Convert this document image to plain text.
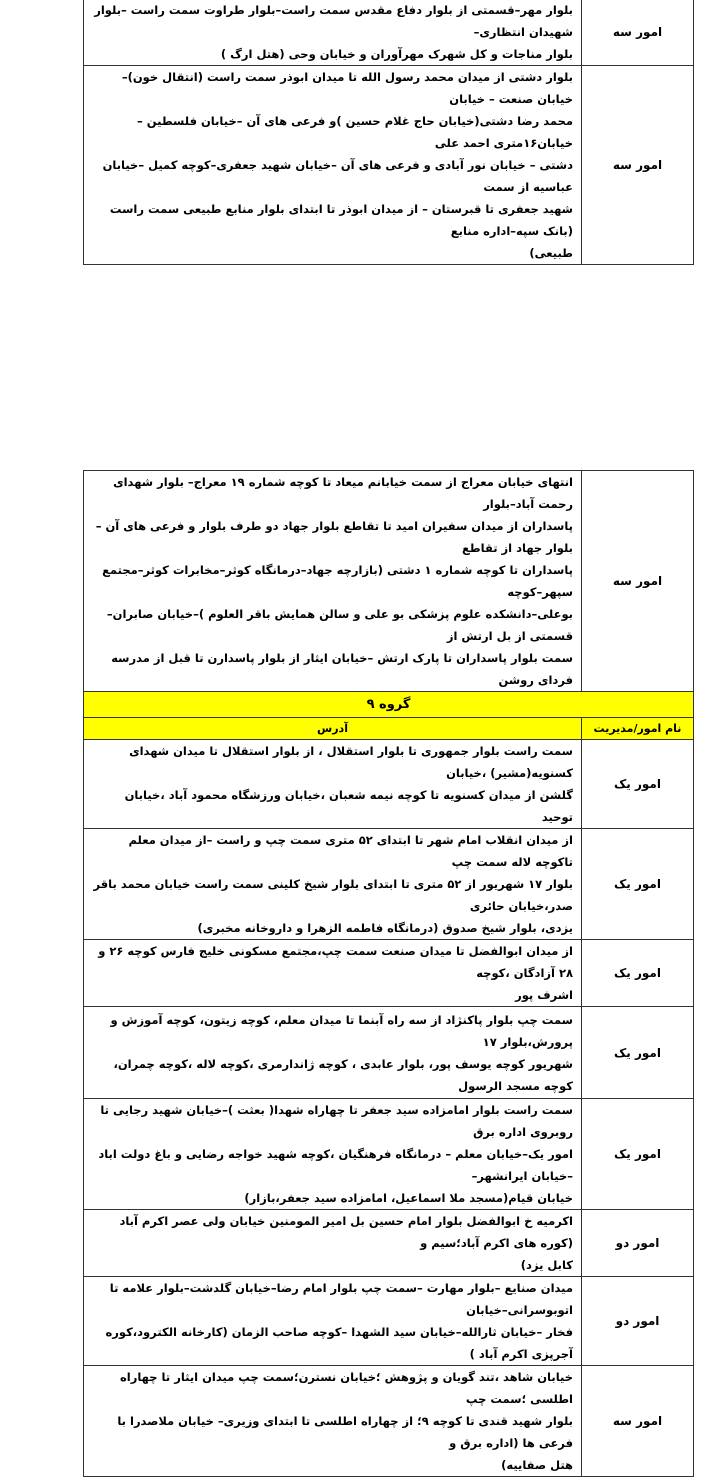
امور سه	بلوار مهر–قسمتی از بلوار دفاع مقدس سمت راست–بلوار طراوت سمت راست –بلوار شهیدان انتظاری–
بلوار مناجات و کل شهرک مهرآوران و خیابان وحی (هتل ارگ )

امور سه	بلوار دشتی از میدان محمد رسول الله تا میدان ابوذر سمت راست (انتقال خون)– خیابان صنعت – خیابان
محمد رضا دشتی(خیابان حاج غلام حسین )و فرعی های آن –خیابان فلسطین –خیابان۱۶متری احمد علی
دشتی – خیابان نور آبادی و فرعی های آن –خیابان شهید جعفری–کوچه کمیل –خیابان عباسیه از سمت
شهید جعفری تا قبرستان – از میدان ابوذر تا ابتدای بلوار منابع طبیعی سمت راست (بانک سپه–اداره منابع
طبیعی)
امور سه	انتهای خیابان معراج از سمت خیابانم میعاد تا کوچه شماره ۱۹ معراج– بلوار شهدای رحمت آباد–بلوار
پاسداران از میدان سفیران امید تا تقاطع بلوار جهاد دو طرف بلوار و فرعی های آن – بلوار جهاد از تقاطع
پاسداران تا کوچه شماره ۱ دشتی (بازارچه جهاد–درمانگاه کوثر–مخابرات کوثر–مجتمع سپهر–کوچه
بوعلی–دانشکده علوم پزشکی بو علی و سالن همایش باقر العلوم )–خیابان صابران–قسمتی از بل ارتش از
سمت بلوار پاسداران تا پارک ارتش –خیابان ایثار از بلوار پاسدارن تا قبل از مدرسه فردای روشن

گروه ۹	
نام امور/مدیریت	آدرس
امور یک	سمت راست بلوار جمهوری تا بلوار استقلال ، از بلوار استقلال تا میدان شهدای کسنویه(مشیر) ،خیابان
گلشن از میدان کسنویه تا کوچه نیمه شعبان ،خیابان ورزشگاه محمود آباد ،خیابان توحید

امور یک	از میدان انقلاب امام شهر تا ابتدای ۵۲ متری سمت چپ و راست –از میدان معلم تاکوچه لاله سمت چپ
بلوار ۱۷ شهریور از ۵۲ متری تا ابتدای بلوار شیخ کلینی سمت راست خیابان محمد باقر صدر،خیابان حائری
یزدی، بلوار شیخ صدوق (درمانگاه فاطمه الزهرا و داروخانه مخبری)

امور یک	از میدان ابوالفضل تا میدان صنعت سمت چپ،مجتمع مسکونی خلیج فارس کوچه ۲۶ و ۲۸ آزادگان ،کوچه
اشرف پور

امور یک	سمت چپ بلوار پاکنژاد از سه راه آبنما تا میدان معلم، کوچه زیتون، کوچه آموزش و پرورش،بلوار ۱۷
شهریور کوچه یوسف پور، بلوار عابدی ، کوچه ژاندارمری ،کوچه لاله ،کوچه چمران، کوچه مسجد الرسول

امور یک	سمت راست بلوار امامزاده سید جعفر تا چهاراه شهدا( بعثت )–خیابان شهید رجایی تا روبروی اداره برق
امور یک–خیابان معلم – درمانگاه فرهنگیان ،کوچه شهید خواجه رضایی و باغ دولت اباد –خیابان ایرانشهر–
خیابان قیام(مسجد ملا اسماعیل، امامزاده سید جعفر،بازار)

امور دو	اکرمیه خ ابوالفضل بلوار امام حسین بل امیر المومنین خیابان ولی عصر اکرم آباد (کوره های اکرم آباد؛سیم و
کابل یزد)

امور دو	میدان صنایع –بلوار مهارت –سمت چپ بلوار امام رضا–خیابان گلدشت–بلوار علامه تا اتوبوسرانی–خیابان
فخار –خیابان ثارالله–خیابان سید الشهدا –کوچه صاحب الزمان (کارخانه الکترود،کوره آجرپزی اکرم آباد )

امور سه	خیابان شاهد ،تند گویان و پژوهش ؛خیابان نسترن؛سمت چپ میدان ایثار تا چهاراه اطلسی ؛سمت چپ
بلوار شهید قندی تا کوچه ۹؛ از چهاراه اطلسی تا ابتدای وزیری– خیابان ملاصدرا با فرعی ها (اداره برق و
هتل صفاییه)
